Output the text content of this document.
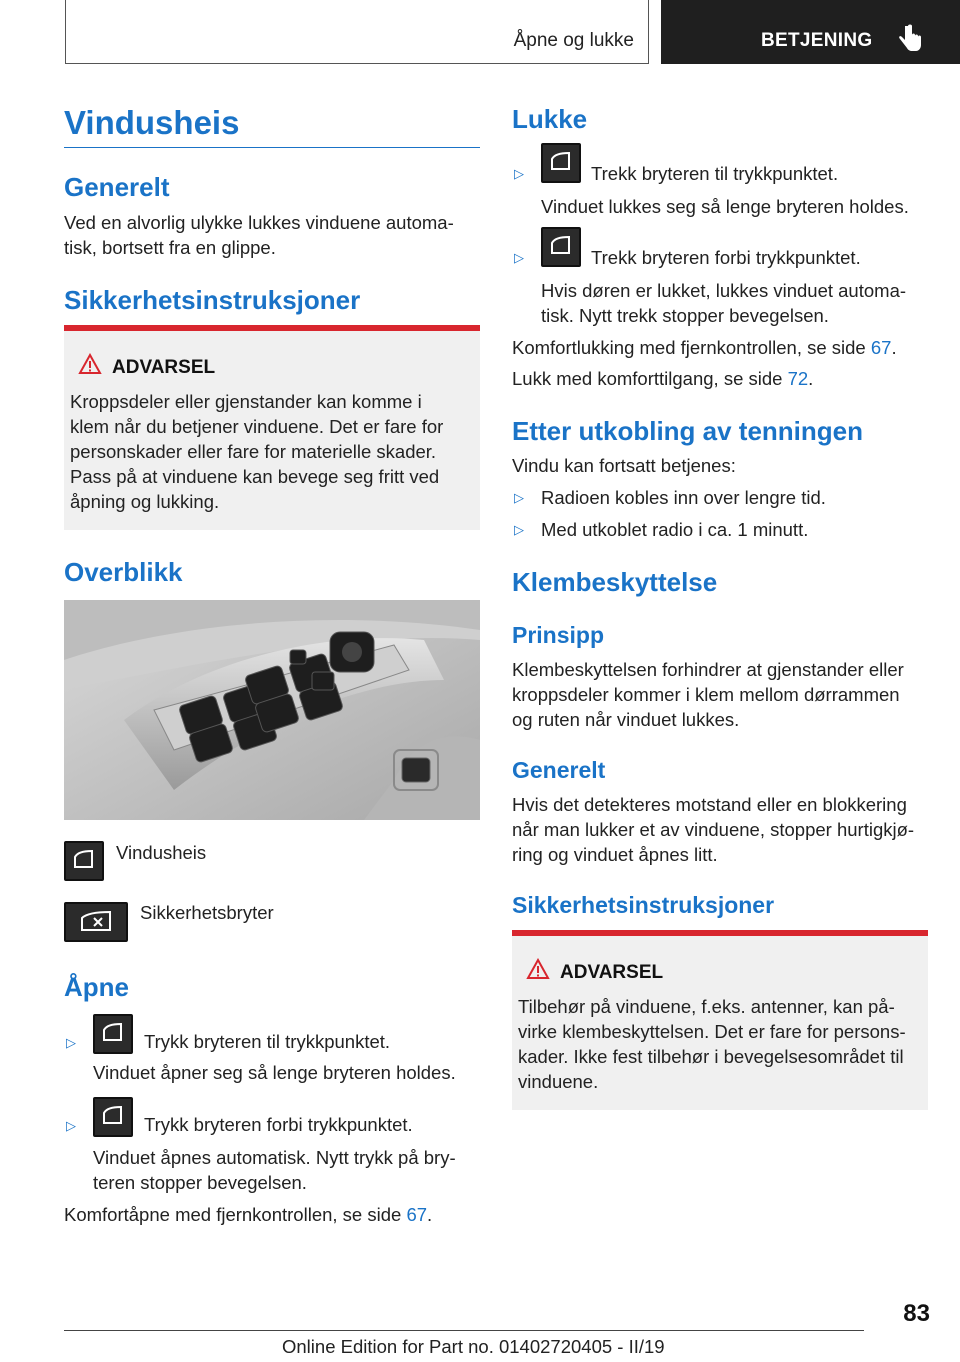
Åpne og lukke	BETJENING
Vindusheis
Generelt
Ved en alvorlig ulykke lukkes vinduene automa‐
tisk, bortsett fra en glippe.
Sikkerhetsinstruksjoner
ADVARSEL
Kroppsdeler eller gjenstander kan komme i
klem når du betjener vinduene. Det er fare for
personskader eller fare for materielle skader.
Pass på at vinduene kan bevege seg fritt ved
åpning og lukking.
Overblikk
Vindusheis
Sikkerhetsbryter
Åpne
▷	Trykk bryteren til trykkpunktet.
Vinduet åpner seg så lenge bryteren holdes.
▷	Trykk bryteren forbi trykkpunktet.
Vinduet åpnes automatisk. Nytt trykk på bry‐
teren stopper bevegelsen.
Komfortåpne med fjernkontrollen, se side 67.
Lukke
▷	Trekk bryteren til trykkpunktet.
Vinduet lukkes seg så lenge bryteren holdes.
▷	Trekk bryteren forbi trykkpunktet.
Hvis døren er lukket, lukkes vinduet automa‐
tisk. Nytt trekk stopper bevegelsen.
Komfortlukking med fjernkontrollen, se side 67.
Lukk med komforttilgang, se side 72.
Etter utkobling av tenningen
Vindu kan fortsatt betjenes:
▷ Radioen kobles inn over lengre tid.
▷ Med utkoblet radio i ca. 1 minutt.
Klembeskyttelse
Prinsipp
Klembeskyttelsen forhindrer at gjenstander eller
kroppsdeler kommer i klem mellom dørrammen
og ruten når vinduet lukkes.
Generelt
Hvis det detekteres motstand eller en blokkering
når man lukker et av vinduene, stopper hurtigkjø‐
ring og vinduet åpnes litt.
Sikkerhetsinstruksjoner
ADVARSEL
Tilbehør på vinduene, f.eks. antenner, kan på‐
virke klembeskyttelsen. Det er fare for persons‐
kader. Ikke fest tilbehør i bevegelsesområdet til
vinduene.
83
Online Edition for Part no. 01402720405 - II/19
